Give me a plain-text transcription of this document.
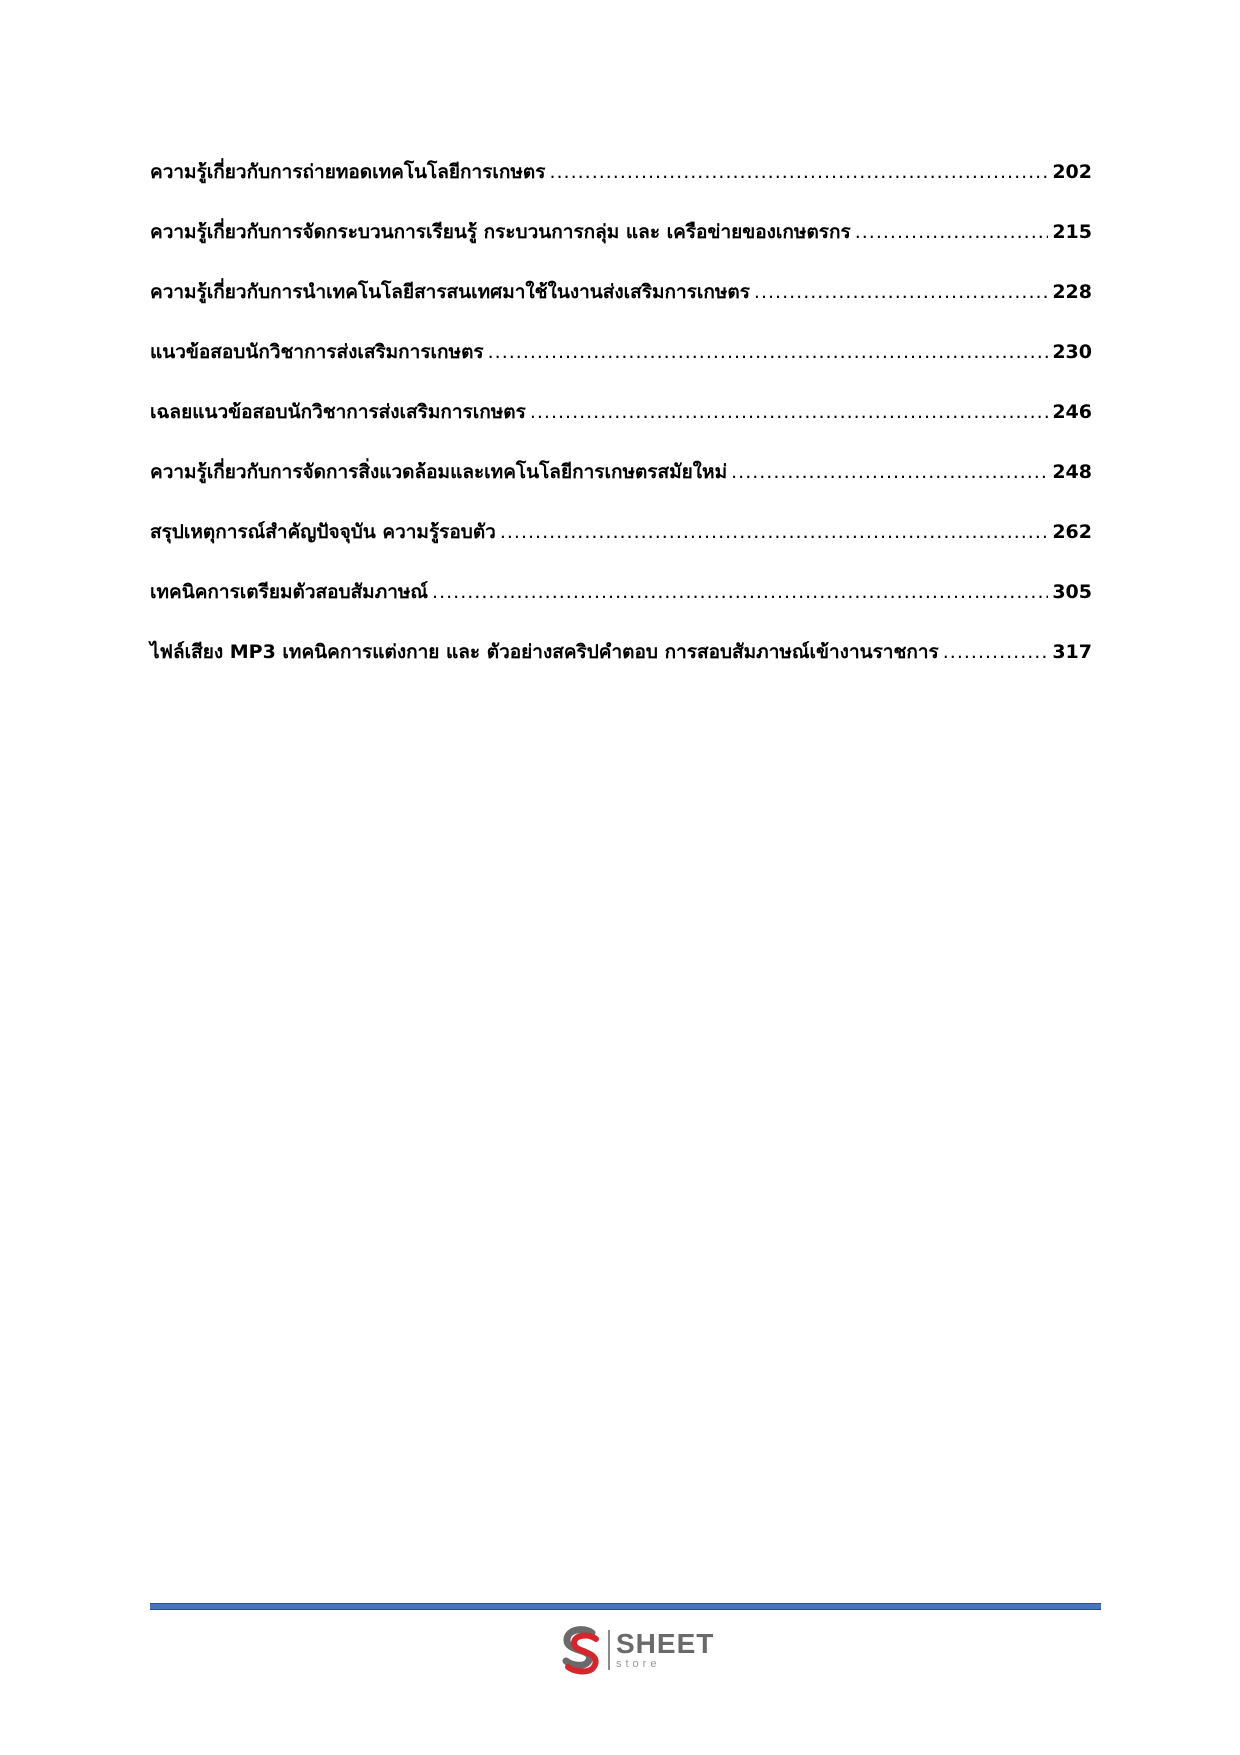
ความรู้เกี่ยวกับการถ่ายทอดเทคโนโลยีการเกษตร .....	202
ความรู้เกี่ยวกับการจัดกระบวนการเรียนรู้ กระบวนการกลุ่ม และ เครือข่ายของเกษตรกร .....	215
ความรู้เกี่ยวกับการนำเทคโนโลยีสารสนเทศมาใช้ในงานส่งเสริมการเกษตร .....	228
แนวข้อสอบนักวิชาการส่งเสริมการเกษตร .....	230
เฉลยแนวข้อสอบนักวิชาการส่งเสริมการเกษตร .....	246
ความรู้เกี่ยวกับการจัดการสิ่งแวดล้อมและเทคโนโลยีการเกษตรสมัยใหม่ .....	248
สรุปเหตุการณ์สำคัญปัจจุบัน ความรู้รอบตัว .....	262
เทคนิคการเตรียมตัวสอบสัมภาษณ์ .....	305
ไฟล์เสียง MP3 เทคนิคการแต่งกาย และ ตัวอย่างสคริปคำตอบ การสอบสัมภาษณ์เข้างานราชการ .....	317
SHEET
store
